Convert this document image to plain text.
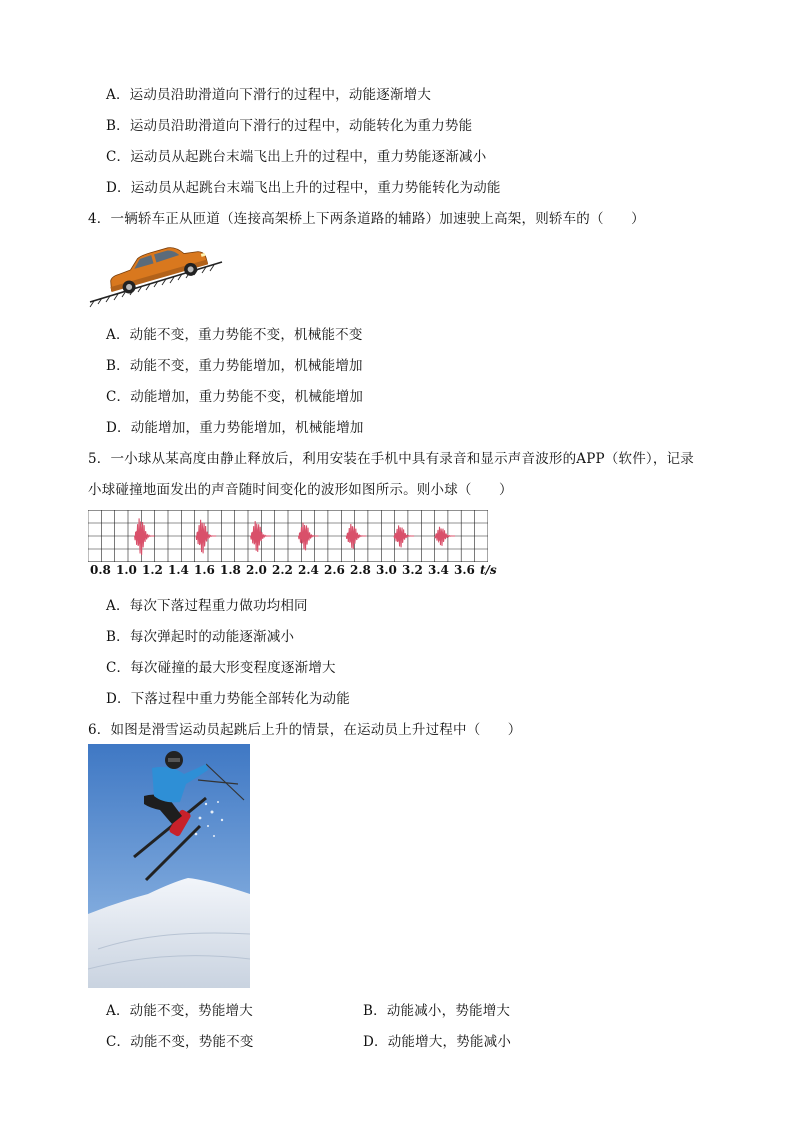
A．运动员沿助滑道向下滑行的过程中，动能逐渐增大
B．运动员沿助滑道向下滑行的过程中，动能转化为重力势能
C．运动员从起跳台末端飞出上升的过程中，重力势能逐渐减小
D．运动员从起跳台末端飞出上升的过程中，重力势能转化为动能
4．一辆轿车正从匝道（连接高架桥上下两条道路的辅路）加速驶上高架，则轿车的（　　）
A．动能不变，重力势能不变，机械能不变
B．动能不变，重力势能增加，机械能增加
C．动能增加，重力势能不变，机械能增加
D．动能增加，重力势能增加，机械能增加
5．一小球从某高度由静止释放后，利用安装在手机中具有录音和显示声音波形的APP（软件），记录
小球碰撞地面发出的声音随时间变化的波形如图所示。则小球（　　）
0.8 1.0 1.2 1.4 1.6 1.8 2.0 2.2 2.4 2.6 2.8 3.0 3.2 3.4 3.6 t/s
A．每次下落过程重力做功均相同
B．每次弹起时的动能逐渐减小
C．每次碰撞的最大形变程度逐渐增大
D．下落过程中重力势能全部转化为动能
6．如图是滑雪运动员起跳后上升的情景，在运动员上升过程中（　　）
A．动能不变，势能增大	B．动能减小，势能增大
C．动能不变，势能不变	D．动能增大，势能减小
